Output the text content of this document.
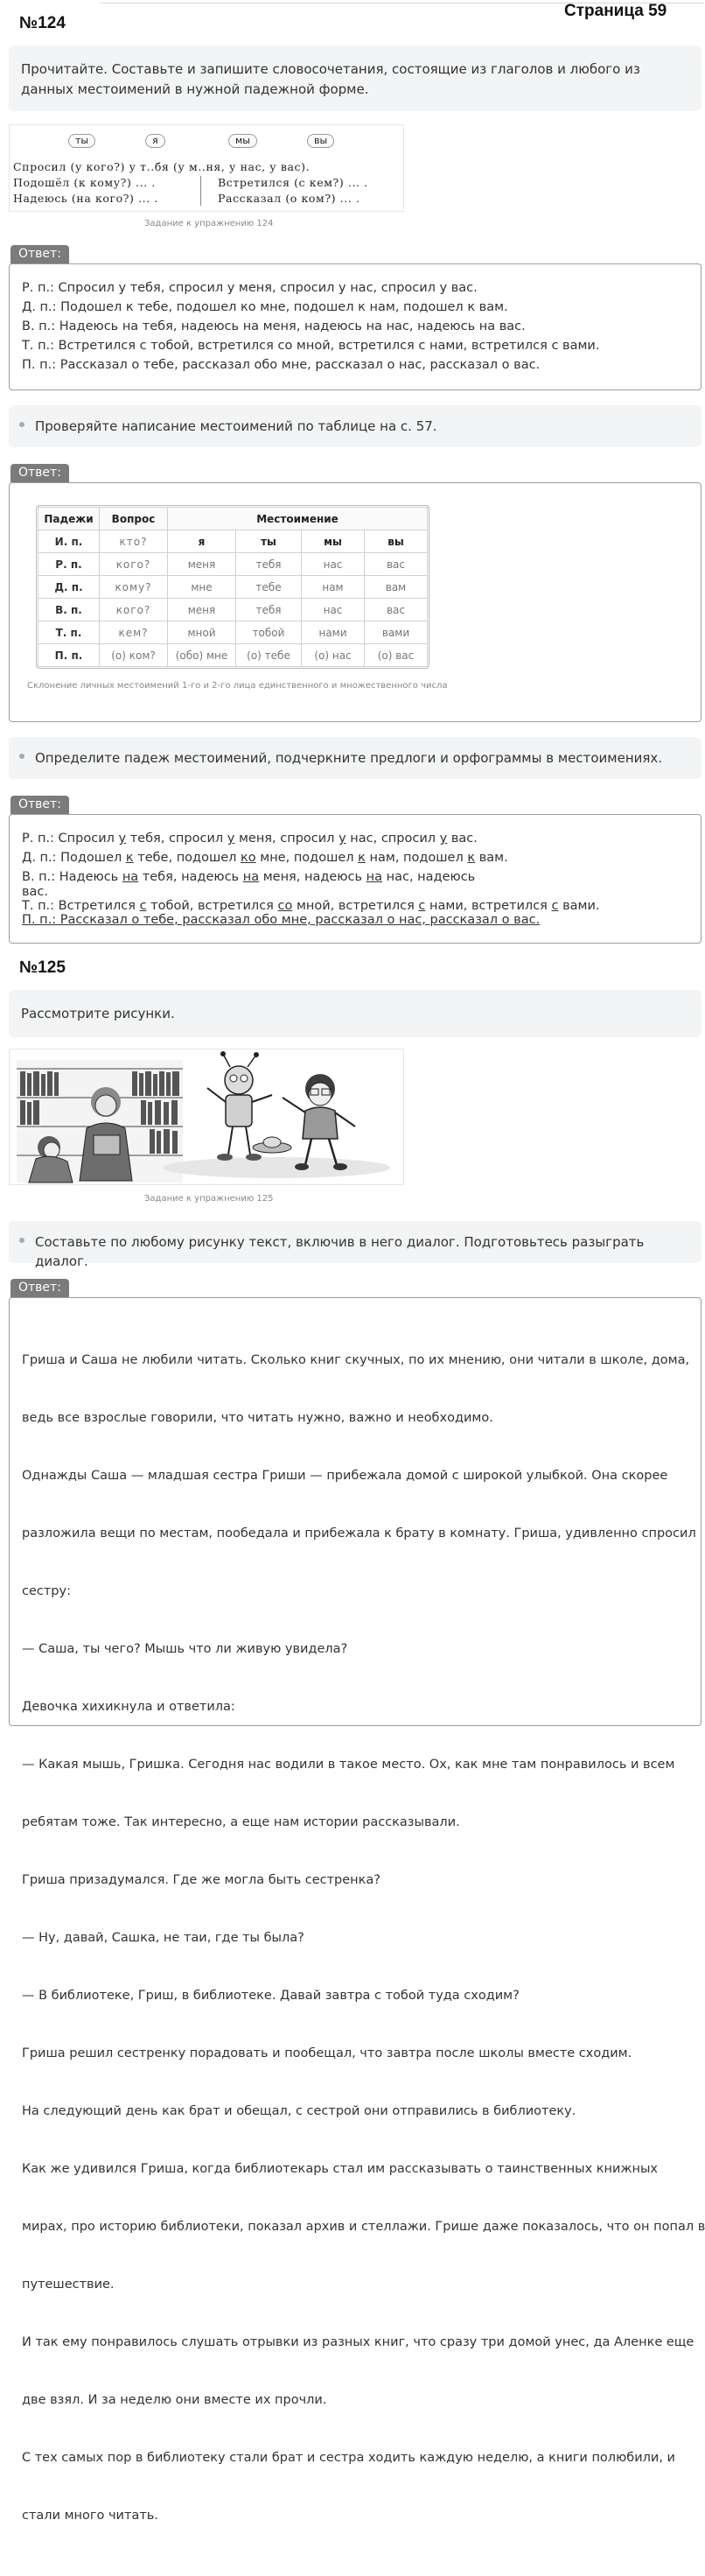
№124
Страница 59
Прочитайте. Составьте и запишите словосочетания, состоящие из глаголов и любого из данных местоимений в нужной падежной форме.
ты	я	мы	вы
Спросил (у кого?) у т..бя (у м..ня, у нас, у вас).
Подошёл (к кому?) ... .
Надеюсь (на кого?) ... .
Встретился (с кем?) ... .
Рассказал (о ком?) ... .
Задание к упражнению 124
Ответ:
Р. п.: Спросил у тебя, спросил у меня, спросил у нас, спросил у вас.
Д. п.: Подошел к тебе, подошел ко мне, подошел к нам, подошел к вам.
В. п.: Надеюсь на тебя, надеюсь на меня, надеюсь на нас, надеюсь на вас.
Т. п.: Встретился с тобой, встретился со мной, встретился с нами, встретился с вами.
П. п.: Рассказал о тебе, рассказал обо мне, рассказал о нас, рассказал о вас.
Проверяйте написание местоимений по таблице на с. 57.
Ответ:
Падежи	Вопрос	Местоимение			
И. п.	кто?	я	ты	мы	вы
Р. п.	кого?	меня	тебя	нас	вас
Д. п.	кому?	мне	тебе	нам	вам
В. п.	кого?	меня	тебя	нас	вас
Т. п.	кем?	мной	тобой	нами	вами
П. п.	(о) ком?	(обо) мне	(о) тебе	(о) нас	(о) вас
Склонение личных местоимений 1-го и 2-го лица единственного и множественного числа
Определите падеж местоимений, подчеркните предлоги и орфограммы в местоимениях.
Ответ:
Р. п.: Спросил у тебя, спросил у меня, спросил у нас, спросил у вас.
Д. п.: Подошел к тебе, подошел ко мне, подошел к нам, подошел к вам.
В. п.: Надеюсь на тебя, надеюсь на меня, надеюсь на нас, надеюсь
вас.
Т. п.: Встретился с тобой, встретился со мной, встретился с нами, встретился с вами.
П. п.: Рассказал о тебе, рассказал обо мне, рассказал о нас, рассказал о вас.
№125
Рассмотрите рисунки.
Задание к упражнению 125
Составьте по любому рисунку текст, включив в него диалог. Подготовьтесь разыграть диалог.
Ответ:

Гриша и Саша не любили читать. Сколько книг скучных, по их мнению, они читали в школе, дома,

ведь все взрослые говорили, что читать нужно, важно и необходимо.

Однажды Саша — младшая сестра Гриши — прибежала домой с широкой улыбкой. Она скорее

разложила вещи по местам, пообедала и прибежала к брату в комнату. Гриша, удивленно спросил

сестру:

— Саша, ты чего? Мышь что ли живую увидела?

Девочка хихикнула и ответила:

— Какая мышь, Гришка. Сегодня нас водили в такое место. Ох, как мне там понравилось и всем

ребятам тоже. Так интересно, а еще нам истории рассказывали.

Гриша призадумался. Где же могла быть сестренка?

— Ну, давай, Сашка, не таи, где ты была?

— В библиотеке, Гриш, в библиотеке. Давай завтра с тобой туда сходим?

Гриша решил сестренку порадовать и пообещал, что завтра после школы вместе сходим.

На следующий день как брат и обещал, с сестрой они отправились в библиотеку.

Как же удивился Гриша, когда библиотекарь стал им рассказывать о таинственных книжных

мирах, про историю библиотеки, показал архив и стеллажи. Грише даже показалось, что он попал в

путешествие.

И так ему понравилось слушать отрывки из разных книг, что сразу три домой унес, да Аленке еще

две взял. И за неделю они вместе их прочли.

С тех самых пор в библиотеку стали брат и сестра ходить каждую неделю, а книги полюбили, и

стали много читать.
